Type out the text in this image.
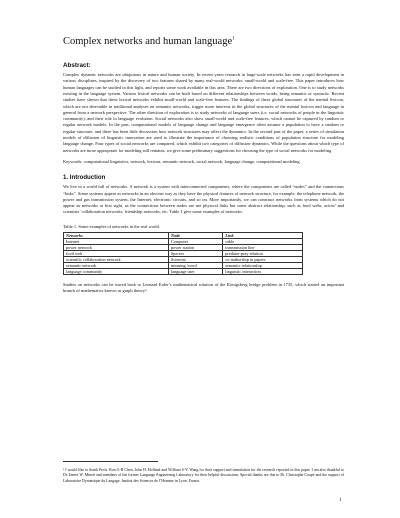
Complex networks and human language$^1$
Abstract:

Complex dynamic networks are ubiquitous in nature and human society. In recent years research in large-scale networks has seen a rapid development in various disciplines, inspired by the discovery of two features shared by many real-world networks: small-world and scale-free. This paper introduces how human languages can be studied in this light, and reports some work available in this area. There are two directions of exploration. One is to study networks existing in the language system. Various lexical networks can be built based on different relationships between words, being semantic or syntactic. Recent studies have shown that these lexical networks exhibit small-world and scale-free features. The findings of these global structures of the mental lexicon, which are not detectable in traditional analyses on semantic networks, trigger more interests in the global structures of the mental lexicon and language in general from a network perspective. The other direction of exploration is to study networks of language users (i.e. social networks of people in the linguistic community), and their role in language evolution. Social networks also show small-world and scale-free features, which cannot be captured by random or regular network models. In the past, computational models of language change and language emergence often assume a population to have a random or regular structure, and there has been little discussion how network structures may affect the dynamics. In the second part of the paper, a series of simulation models of diffusion of linguistic innovation are used to illustrate the importance of choosing realistic conditions of population structure for modeling language change. Four types of social networks are compared, which exhibit two categories of diffusion dynamics. While the questions about which type of networks are more appropriate for modeling still remains, we give some preliminary suggestions for choosing the type of social networks for modeling.

Keywords: computational linguistics, network, lexicon, semantic network, social network, language change, computational modeling

1. Introduction

We live in a world full of networks. A network is a system with interconnected components, where the components are called “nodes” and the connections “links”. Some systems appear as networks in an obvious way as they have the physical features of network structure, for example, the telephone network, the power and gas transmission system, the Internet, electronic circuits, and so on. More importantly, we can construct networks from systems which do not appear as networks at first sight, as the connections between nodes are not physical links but some abstract relationship, such as food webs, actors’ and scientists’ collaboration networks, friendship networks, etc. Table 1 give some examples of networks.

Table 1. Some examples of networks in the real world.

Networks	Node	Link
Internet	Computer	cable
power network	power station	transmission line
food web	Species	predator-pray relation
scientific collaboration network	Scientist	co-authorship in papers
semantic network	meaning /word	semantic relationship
language community	language user	linguistic interaction

Studies on networks can be traced back to Leonard Euler’s mathematical solution of the Königsberg bridge problem in 1735, which started an important branch of mathematics known as graph theory².

¹ I would like to thank Profs. Ron G-R Chen, John H. Holland and William S-Y. Wang for their support and stimulation for the research reported in this paper. I am also thankful to Dr. James W. Minett and members of the former Language Engineering Laboratory for their helpful discussions. Special thanks are due to Dr. Christophe Coupé and the support of Laboratoire Dynamique du Langage, Institut des Sciences de l’Homme in Lyon, France.

1
